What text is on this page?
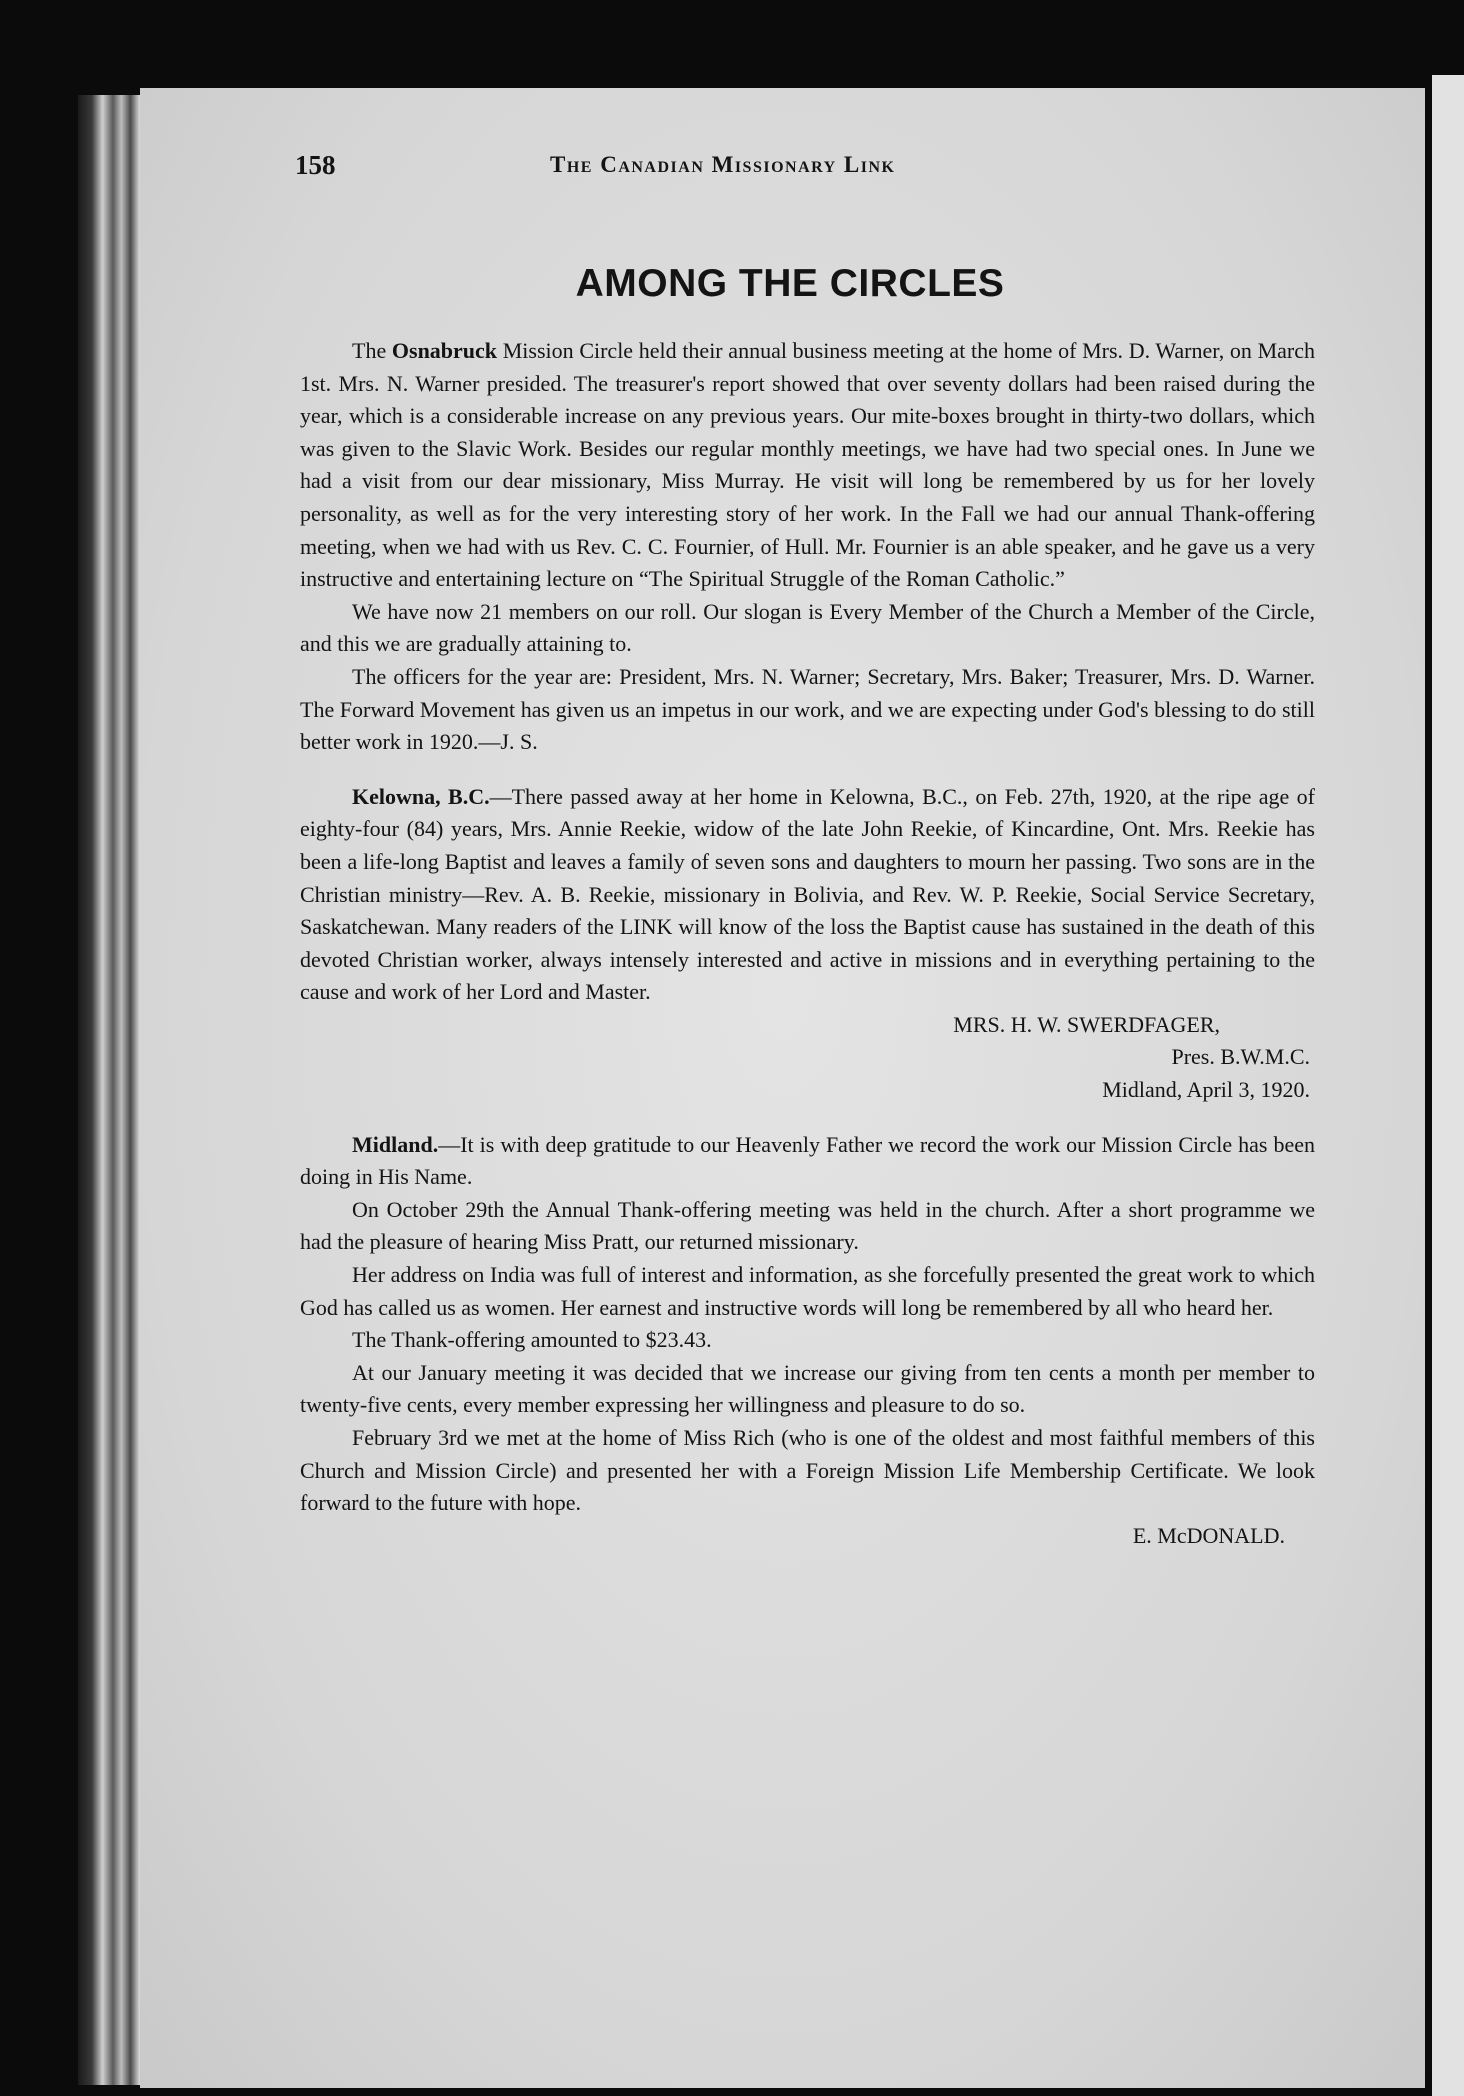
158	The Canadian Missionary Link
AMONG THE CIRCLES

The Osnabruck Mission Circle held their annual business meeting at the home of Mrs. D. Warner, on March 1st. Mrs. N. Warner presided. The treasurer's report showed that over seventy dollars had been raised during the year, which is a considerable increase on any previous years. Our mite-boxes brought in thirty-two dollars, which was given to the Slavic Work. Besides our regular monthly meetings, we have had two special ones. In June we had a visit from our dear missionary, Miss Murray. He visit will long be remembered by us for her lovely personality, as well as for the very interesting story of her work. In the Fall we had our annual Thank-offering meeting, when we had with us Rev. C. C. Fournier, of Hull. Mr. Fournier is an able speaker, and he gave us a very instructive and entertaining lecture on “The Spiritual Struggle of the Roman Catholic.”

We have now 21 members on our roll. Our slogan is Every Member of the Church a Member of the Circle, and this we are gradually attaining to.

The officers for the year are: President, Mrs. N. Warner; Secretary, Mrs. Baker; Treasurer, Mrs. D. Warner. The Forward Movement has given us an impetus in our work, and we are expecting under God's blessing to do still better work in 1920.—J. S.

Kelowna, B.C.—There passed away at her home in Kelowna, B.C., on Feb. 27th, 1920, at the ripe age of eighty-four (84) years, Mrs. Annie Reekie, widow of the late John Reekie, of Kincardine, Ont. Mrs. Reekie has been a life-long Baptist and leaves a family of seven sons and daughters to mourn her passing. Two sons are in the Christian ministry—Rev. A. B. Reekie, missionary in Bolivia, and Rev. W. P. Reekie, Social Service Secretary, Saskatchewan. Many readers of the LINK will know of the loss the Baptist cause has sustained in the death of this devoted Christian worker, always intensely interested and active in missions and in everything pertaining to the cause and work of her Lord and Master.

MRS. H. W. SWERDFAGER,

Pres. B.W.M.C.

Midland, April 3, 1920.

Midland.—It is with deep gratitude to our Heavenly Father we record the work our Mission Circle has been doing in His Name.

On October 29th the Annual Thank-offering meeting was held in the church. After a short programme we had the pleasure of hearing Miss Pratt, our returned missionary.

Her address on India was full of interest and information, as she forcefully presented the great work to which God has called us as women. Her earnest and instructive words will long be remembered by all who heard her.

The Thank-offering amounted to $23.43.

At our January meeting it was decided that we increase our giving from ten cents a month per member to twenty-five cents, every member expressing her willingness and pleasure to do so.

February 3rd we met at the home of Miss Rich (who is one of the oldest and most faithful members of this Church and Mission Circle) and presented her with a Foreign Mission Life Membership Certificate. We look forward to the future with hope.

E. McDONALD.
